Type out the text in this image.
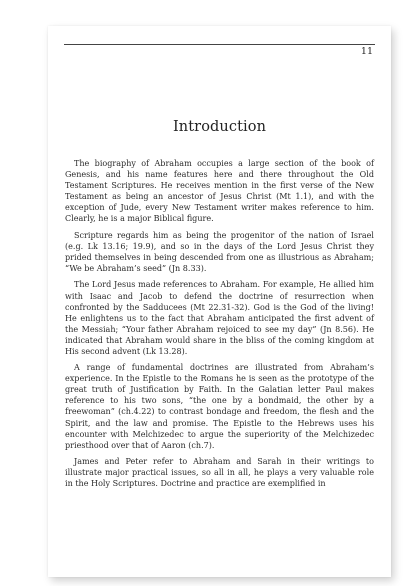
11
Introduction

The biography of Abraham occupies a large section of the book of Genesis, and his name features here and there throughout the Old Testament Scriptures. He receives mention in the first verse of the New Testament as being an ancestor of Jesus Christ (Mt 1.1), and with the exception of Jude, every New Testament writer makes reference to him. Clearly, he is a major Biblical figure.

Scripture regards him as being the progenitor of the nation of Israel (e.g. Lk 13.16; 19.9), and so in the days of the Lord Jesus Christ they prided themselves in being descended from one as illustrious as Abraham; “We be Abraham’s seed” (Jn 8.33).

The Lord Jesus made references to Abraham. For example, He allied him with Isaac and Jacob to defend the doctrine of resurrection when confronted by the Sadducees (Mt 22.31-32). God is the God of the living! He enlightens us to the fact that Abraham anticipated the first advent of the Messiah; “Your father Abraham rejoiced to see my day” (Jn 8.56). He indicated that Abraham would share in the bliss of the coming kingdom at His second advent (Lk 13.28).

A range of fundamental doctrines are illustrated from Abraham’s experience. In the Epistle to the Romans he is seen as the prototype of the great truth of Justification by Faith. In the Galatian letter Paul makes reference to his two sons, “the one by a bondmaid, the other by a freewoman” (ch.4.22) to contrast bondage and freedom, the flesh and the Spirit, and the law and promise. The Epistle to the Hebrews uses his encounter with Melchizedec to argue the superiority of the Melchizedec priesthood over that of Aaron (ch.7).

James and Peter refer to Abraham and Sarah in their writings to illustrate major practical issues, so all in all, he plays a very valuable role in the Holy Scriptures. Doctrine and practice are exemplified in
